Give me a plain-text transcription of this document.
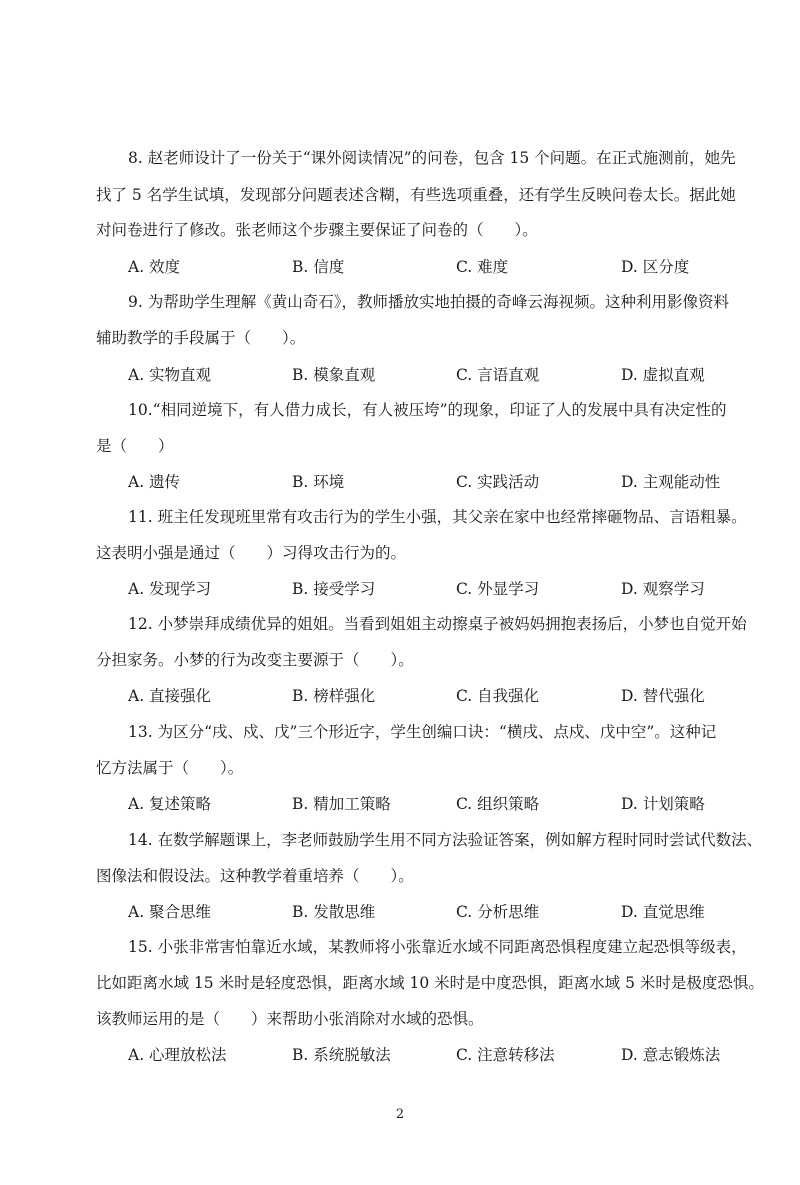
8. 赵老师设计了一份关于“课外阅读情况”的问卷，包含 15 个问题。在正式施测前，她先
找了 5 名学生试填，发现部分问题表述含糊，有些选项重叠，还有学生反映问卷太长。据此她
对问卷进行了修改。张老师这个步骤主要保证了问卷的（　　）。
A. 效度	B. 信度	C. 难度	D. 区分度
9. 为帮助学生理解《黄山奇石》，教师播放实地拍摄的奇峰云海视频。这种利用影像资料
辅助教学的手段属于（　　）。
A. 实物直观	B. 模象直观	C. 言语直观	D. 虚拟直观
10.“相同逆境下，有人借力成长，有人被压垮”的现象，印证了人的发展中具有决定性的
是（　　）
A. 遗传	B. 环境	C. 实践活动	D. 主观能动性
11. 班主任发现班里常有攻击行为的学生小强，其父亲在家中也经常摔砸物品、言语粗暴。
这表明小强是通过（　　）习得攻击行为的。
A. 发现学习	B. 接受学习	C. 外显学习	D. 观察学习
12. 小梦崇拜成绩优异的姐姐。当看到姐姐主动擦桌子被妈妈拥抱表扬后，小梦也自觉开始
分担家务。小梦的行为改变主要源于（　　）。
A. 直接强化	B. 榜样强化	C. 自我强化	D. 替代强化
13. 为区分“戌、戍、戊”三个形近字，学生创编口诀：“横戌、点戍、戊中空”。这种记
忆方法属于（　　）。
A. 复述策略	B. 精加工策略	C. 组织策略	D. 计划策略
14. 在数学解题课上，李老师鼓励学生用不同方法验证答案，例如解方程时同时尝试代数法、
图像法和假设法。这种教学着重培养（　　）。
A. 聚合思维	B. 发散思维	C. 分析思维	D. 直觉思维
15. 小张非常害怕靠近水域，某教师将小张靠近水域不同距离恐惧程度建立起恐惧等级表，
比如距离水域 15 米时是轻度恐惧，距离水域 10 米时是中度恐惧，距离水域 5 米时是极度恐惧。
该教师运用的是（　　）来帮助小张消除对水域的恐惧。
A. 心理放松法	B. 系统脱敏法	C. 注意转移法	D. 意志锻炼法
2
